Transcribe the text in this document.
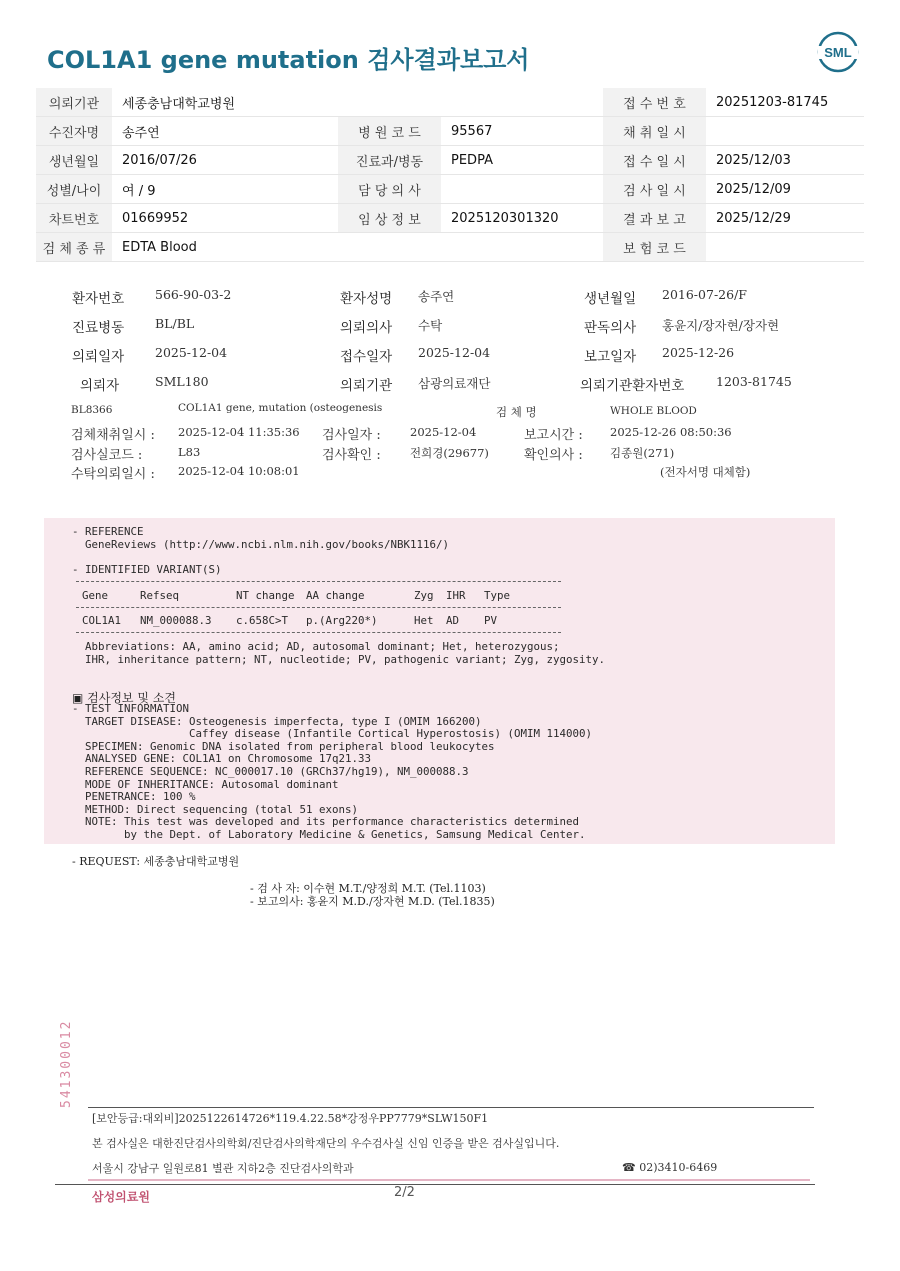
COL1A1 gene mutation 검사결과보고서	SML
의뢰기관	세종충남대학교병원			접 수 번 호	20251203-81745
수진자명	송주연	병 원 코 드	95567	채 취 일 시	
생년월일	2016/07/26	진료과/병동	PEDPA	접 수 일 시	2025/12/03
성별/나이	여 / 9	담 당 의 사		검 사 일 시	2025/12/09
차트번호	01669952	임 상 정 보	2025120301320	결 과 보 고	2025/12/29
검 체 종 류	EDTA Blood			보 험 코 드	
환자번호 566-90-03-2	환자성명 송주연	생년월일 2016-07-26/F
진료병동 BL/BL	의뢰의사 수탁	판독의사 홍윤지/장자현/장자현
의뢰일자 2025-12-04	접수일자 2025-12-04	보고일자 2025-12-26
의뢰자	SML180	의뢰기관 삼광의료재단	의뢰기관환자번호	1203-81745
BL8366	COL1A1 gene, mutation (osteogenesis	검 체 명	WHOLE BLOOD
검체채취일시 : 2025-12-04 11:35:36 검사일자 :	2025-12-04	보고시간 : 2025-12-26 08:50:36
검사실코드 :	L83	검사확인 :	전희경(29677)	확인의사 : 김종원(271)
수탁의뢰일시 : 2025-12-04 10:08:01	(전자서명 대체함)
- REFERENCE
GeneReviews (http://www.ncbi.nlm.nih.gov/books/NBK1116/)
- IDENTIFIED VARIANT(S)
Gene	Refseq	NT change AA change	Zyg IHR Type
COL1A1 NM_000088.3 c.658C>T p.(Arg220*)	Het AD PV
Abbreviations: AA, amino acid; AD, autosomal dominant; Het, heterozygous;
IHR, inheritance pattern; NT, nucleotide; PV, pathogenic variant; Zyg, zygosity.
▣ 검사정보 및 소견
- TEST INFORMATION
TARGET DISEASE: Osteogenesis imperfecta, type I (OMIM 166200)
Caffey disease (Infantile Cortical Hyperostosis) (OMIM 114000)
SPECIMEN: Genomic DNA isolated from peripheral blood leukocytes
ANALYSED GENE: COL1A1 on Chromosome 17q21.33
REFERENCE SEQUENCE: NC_000017.10 (GRCh37/hg19), NM_000088.3
MODE OF INHERITANCE: Autosomal dominant
PENETRANCE: 100 %
METHOD: Direct sequencing (total 51 exons)
NOTE: This test was developed and its performance characteristics determined
by the Dept. of Laboratory Medicine & Genetics, Samsung Medical Center.
- REQUEST: 세종충남대학교병원
- 검 사 자: 이수현 M.T./양정희 M.T. (Tel.1103)
- 보고의사: 홍윤지 M.D./장자현 M.D. (Tel.1835)
541300012
[보안등급:대외비]2025122614726*119.4.22.58*강정우PP7779*SLW150F1
본 검사실은 대한진단검사의학회/진단검사의학재단의 우수검사실 신임 인증을 받은 검사실입니다.
서울시 강남구 일원로81 별관 지하2층 진단검사의학과	☎ 02)3410-6469
삼성의료원	2/2
